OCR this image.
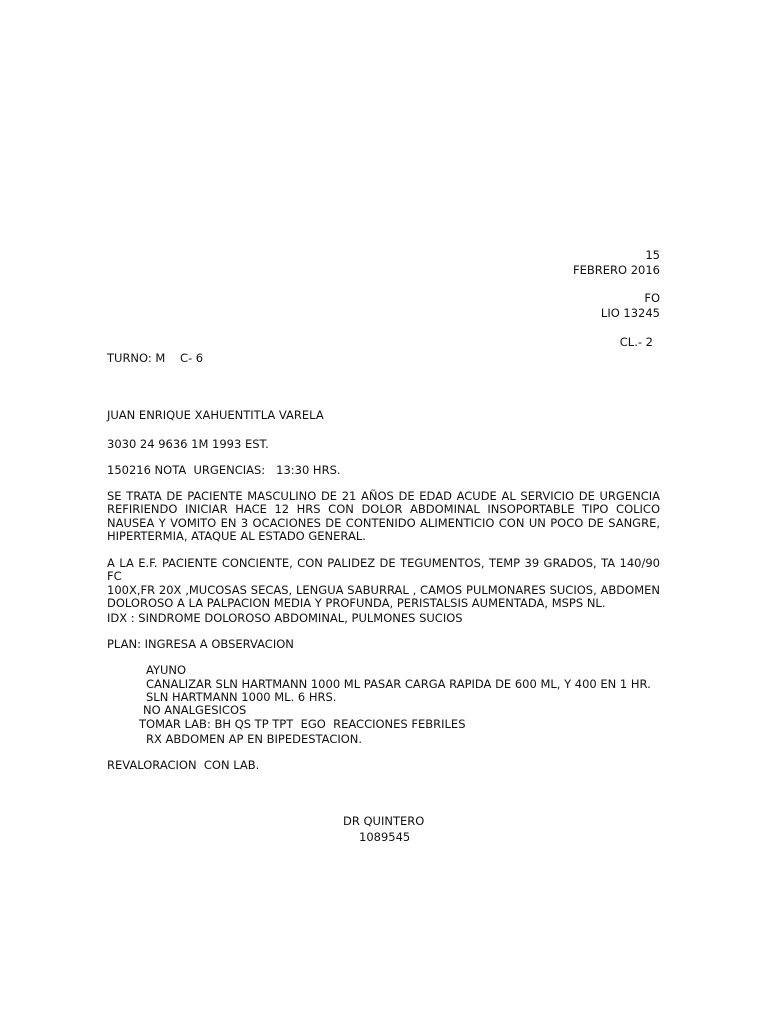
15
FEBRERO 2016
FO
LIO 13245
CL.- 2
TURNO: M    C- 6
JUAN ENRIQUE XAHUENTITLA VARELA
3030 24 9636 1M 1993 EST.
150216 NOTA  URGENCIAS:   13:30 HRS.
SE TRATA DE PACIENTE MASCULINO DE 21 AÑOS DE EDAD ACUDE AL SERVICIO DE URGENCIA
REFIRIENDO INICIAR HACE 12 HRS CON DOLOR ABDOMINAL INSOPORTABLE TIPO COLICO
NAUSEA Y VOMITO EN 3 OCACIONES DE CONTENIDO ALIMENTICIO CON UN POCO DE SANGRE,
HIPERTERMIA, ATAQUE AL ESTADO GENERAL.
A LA E.F. PACIENTE CONCIENTE, CON PALIDEZ DE TEGUMENTOS, TEMP 39 GRADOS, TA 140/90 FC
100X,FR 20X ,MUCOSAS SECAS, LENGUA SABURRAL , CAMOS PULMONARES SUCIOS, ABDOMEN
DOLOROSO A LA PALPACION MEDIA Y PROFUNDA, PERISTALSIS AUMENTADA, MSPS NL.
IDX : SINDROME DOLOROSO ABDOMINAL, PULMONES SUCIOS
PLAN: INGRESA A OBSERVACION
AYUNO
CANALIZAR SLN HARTMANN 1000 ML PASAR CARGA RAPIDA DE 600 ML, Y 400 EN 1 HR.
SLN HARTMANN 1000 ML. 6 HRS.
NO ANALGESICOS
TOMAR LAB: BH QS TP TPT  EGO  REACCIONES FEBRILES
RX ABDOMEN AP EN BIPEDESTACION.
REVALORACION  CON LAB.
DR QUINTERO
1089545
